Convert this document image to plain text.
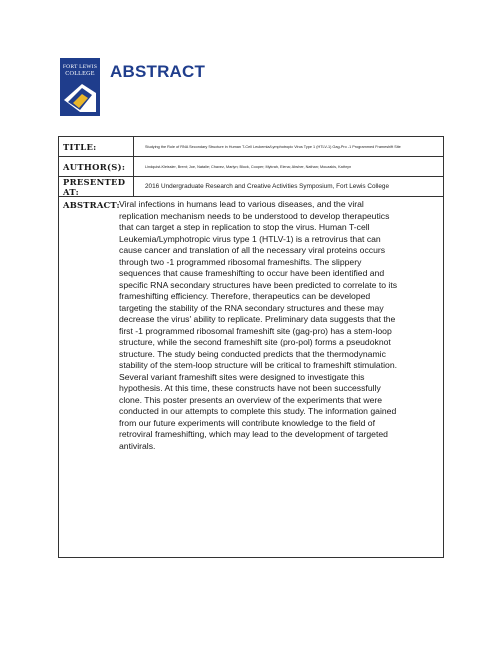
FORT LEWIS
COLLEGE ABSTRACT
TITLE:	Studying the Role of RNA Secondary Structure in Human T-Cell Leukemia/Lymphotropic Virus Type 1 (HTLV-1) Gag-Pro -1 Programmed Frameshift Site
AUTHOR(S):	Lindquist-Kleissler, Brent; Joe, Natalie; Chavez, Marlyn; Block, Cooper; Mykrah, Elena; Absher, Nathan; Mouzakis, Kathryn
PRESENTED AT:	2016 Undergraduate Research and Creative Activities Symposium, Fort Lewis College
ABSTRACT: Viral infections in humans lead to various diseases, and the viral
replication mechanism needs to be understood to develop therapeutics
that can target a step in replication to stop the virus. Human T-cell
Leukemia/Lymphotropic virus type 1 (HTLV-1) is a retrovirus that can
cause cancer and translation of all the necessary viral proteins occurs
through two -1 programmed ribosomal frameshifts. The slippery
sequences that cause frameshifting to occur have been identified and
specific RNA secondary structures have been predicted to correlate to its
frameshifting efficiency. Therefore, therapeutics can be developed
targeting the stability of the RNA secondary structures and these may
decrease the virus' ability to replicate. Preliminary data suggests that the
first -1 programmed ribosomal frameshift site (gag-pro) has a stem-loop
structure, while the second frameshift site (pro-pol) forms a pseudoknot
structure. The study being conducted predicts that the thermodynamic
stability of the stem-loop structure will be critical to frameshift stimulation.
Several variant frameshift sites were designed to investigate this
hypothesis. At this time, these constructs have not been successfully
clone. This poster presents an overview of the experiments that were
conducted in our attempts to complete this study. The information gained
from our future experiments will contribute knowledge to the field of
retroviral frameshifting, which may lead to the development of targeted
antivirals.
